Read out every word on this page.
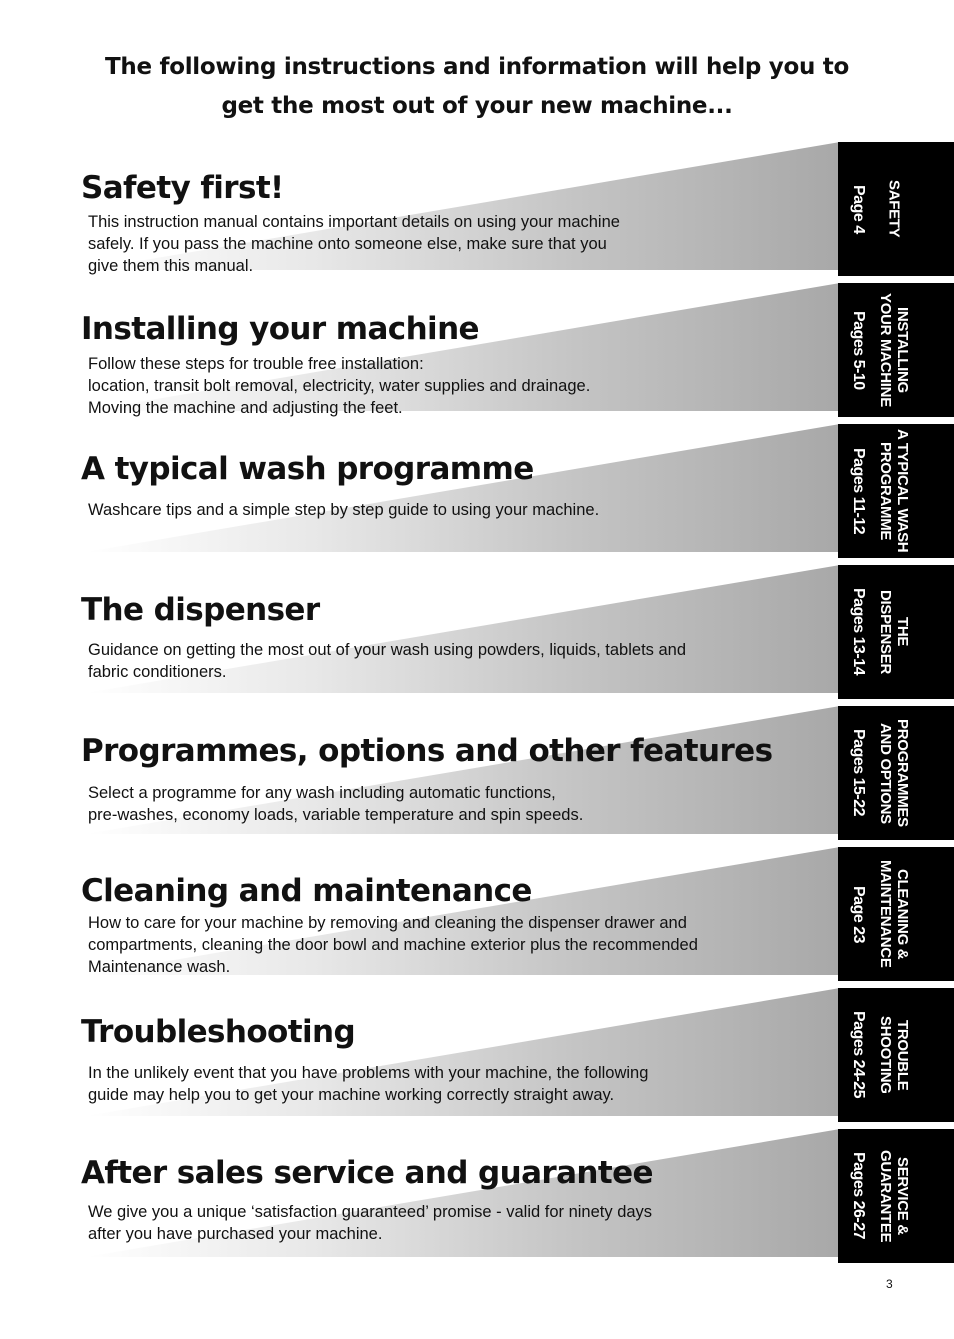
The following instructions and information will help you to
get the most out of your new machine...
Safety first!

This instruction manual contains important details on using your machine
safely. If you pass the machine onto someone else, make sure that you
give them this manual.

SAFETY
Page 4
Installing your machine

Follow these steps for trouble free installation:
location, transit bolt removal, electricity, water supplies and drainage.
Moving the machine and adjusting the feet.

INSTALLING
YOUR MACHINE
Pages 5-10
A typical wash programme

Washcare tips and a simple step by step guide to using your machine.

A TYPICAL WASH
PROGRAMME
Pages 11-12
The dispenser

Guidance on getting the most out of your wash using powders, liquids, tablets and
fabric conditioners.

THE
DISPENSER
Pages 13-14
Programmes, options and other features

Select a programme for any wash including automatic functions,
pre-washes, economy loads, variable temperature and spin speeds.	PROGRAMMES
AND OPTIONS
Pages 15-22
Cleaning and maintenance

How to care for your machine by removing and cleaning the dispenser drawer and
compartments, cleaning the door bowl and machine exterior plus the recommended
Maintenance wash.

CLEANING &
MAINTENANCE
Page 23
Troubleshooting

In the unlikely event that you have problems with your machine, the following
guide may help you to get your machine working correctly straight away.

TROUBLE
SHOOTING
Pages 24-25
After sales service and guarantee

We give you a unique ‘satisfaction guaranteed’ promise - valid for ninety days
after you have purchased your machine.

SERVICE &
GUARANTEE
Pages 26-27
3
